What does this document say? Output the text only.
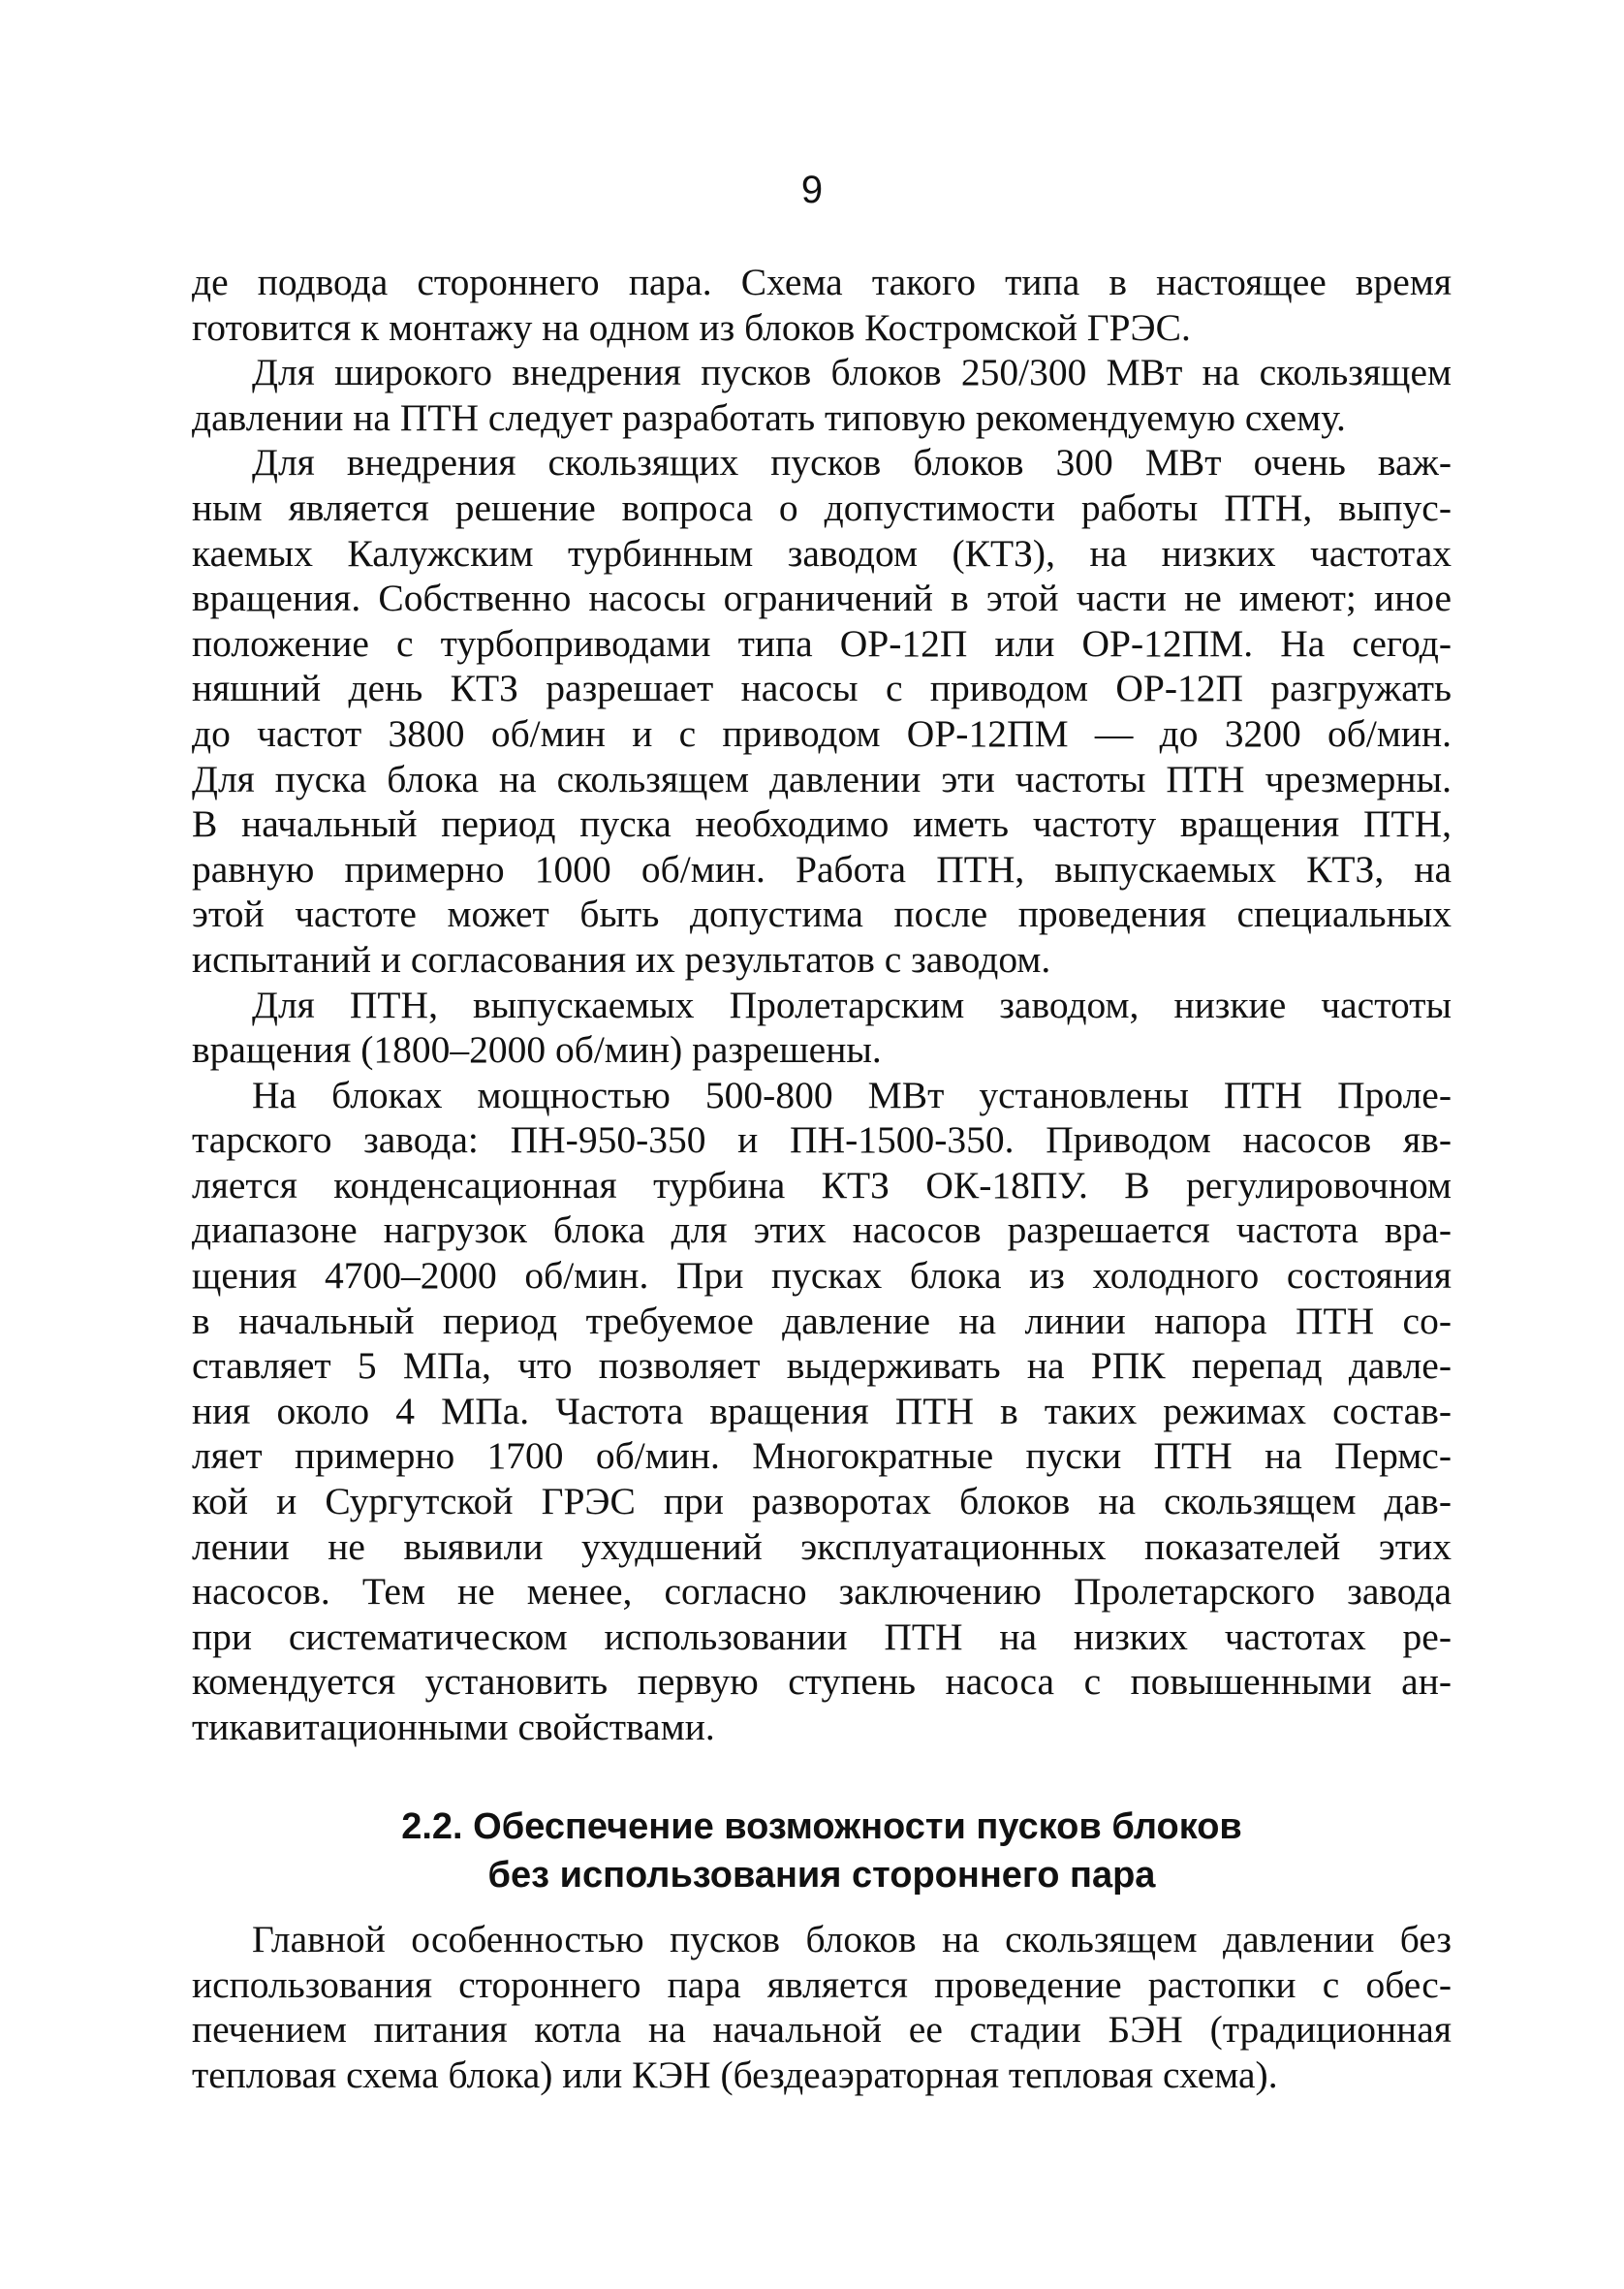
9
де подвода стороннего пара. Схема такого типа в настоящее время
готовится к монтажу на одном из блоков Костромской ГРЭС.
Для широкого внедрения пусков блоков 250/300 МВт на скользящем
давлении на ПТН следует разработать типовую рекомендуемую схему.
Для внедрения скользящих пусков блоков 300 МВт очень важ-
ным является решение вопроса о допустимости работы ПТН, выпус-
каемых Калужским турбинным заводом (КТЗ), на низких частотах
вращения. Собственно насосы ограничений в этой части не имеют; иное
положение с турбоприводами типа ОР-12П или ОР-12ПМ. На сегод-
няшний день КТЗ разрешает насосы с приводом ОР-12П разгружать
до частот 3800 об/мин и с приводом ОР-12ПМ — до 3200 об/мин.
Для пуска блока на скользящем давлении эти частоты ПТН чрезмерны.
В начальный период пуска необходимо иметь частоту вращения ПТН,
равную примерно 1000 об/мин. Работа ПТН, выпускаемых КТЗ, на
этой частоте может быть допустима после проведения специальных
испытаний и согласования их результатов с заводом.
Для ПТН, выпускаемых Пролетарским заводом, низкие частоты
вращения (1800–2000 об/мин) разрешены.
На блоках мощностью 500-800 МВт установлены ПТН Проле-
тарского завода: ПН-950-350 и ПН-1500-350. Приводом насосов яв-
ляется конденсационная турбина КТЗ ОК-18ПУ. В регулировочном
диапазоне нагрузок блока для этих насосов разрешается частота вра-
щения 4700–2000 об/мин. При пусках блока из холодного состояния
в начальный период требуемое давление на линии напора ПТН со-
ставляет 5 МПа, что позволяет выдерживать на РПК перепад давле-
ния около 4 МПа. Частота вращения ПТН в таких режимах состав-
ляет примерно 1700 об/мин. Многократные пуски ПТН на Пермс-
кой и Сургутской ГРЭС при разворотах блоков на скользящем дав-
лении не выявили ухудшений эксплуатационных показателей этих
насосов. Тем не менее, согласно заключению Пролетарского завода
при систематическом использовании ПТН на низких частотах ре-
комендуется установить первую ступень насоса с повышенными ан-
тикавитационными свойствами.
2.2. Обеспечение возможности пусков блоков
без использования стороннего пара
Главной особенностью пусков блоков на скользящем давлении без
использования стороннего пара является проведение растопки с обес-
печением питания котла на начальной ее стадии БЭН (традиционная
тепловая схема блока) или КЭН (бездеаэраторная тепловая схема).
